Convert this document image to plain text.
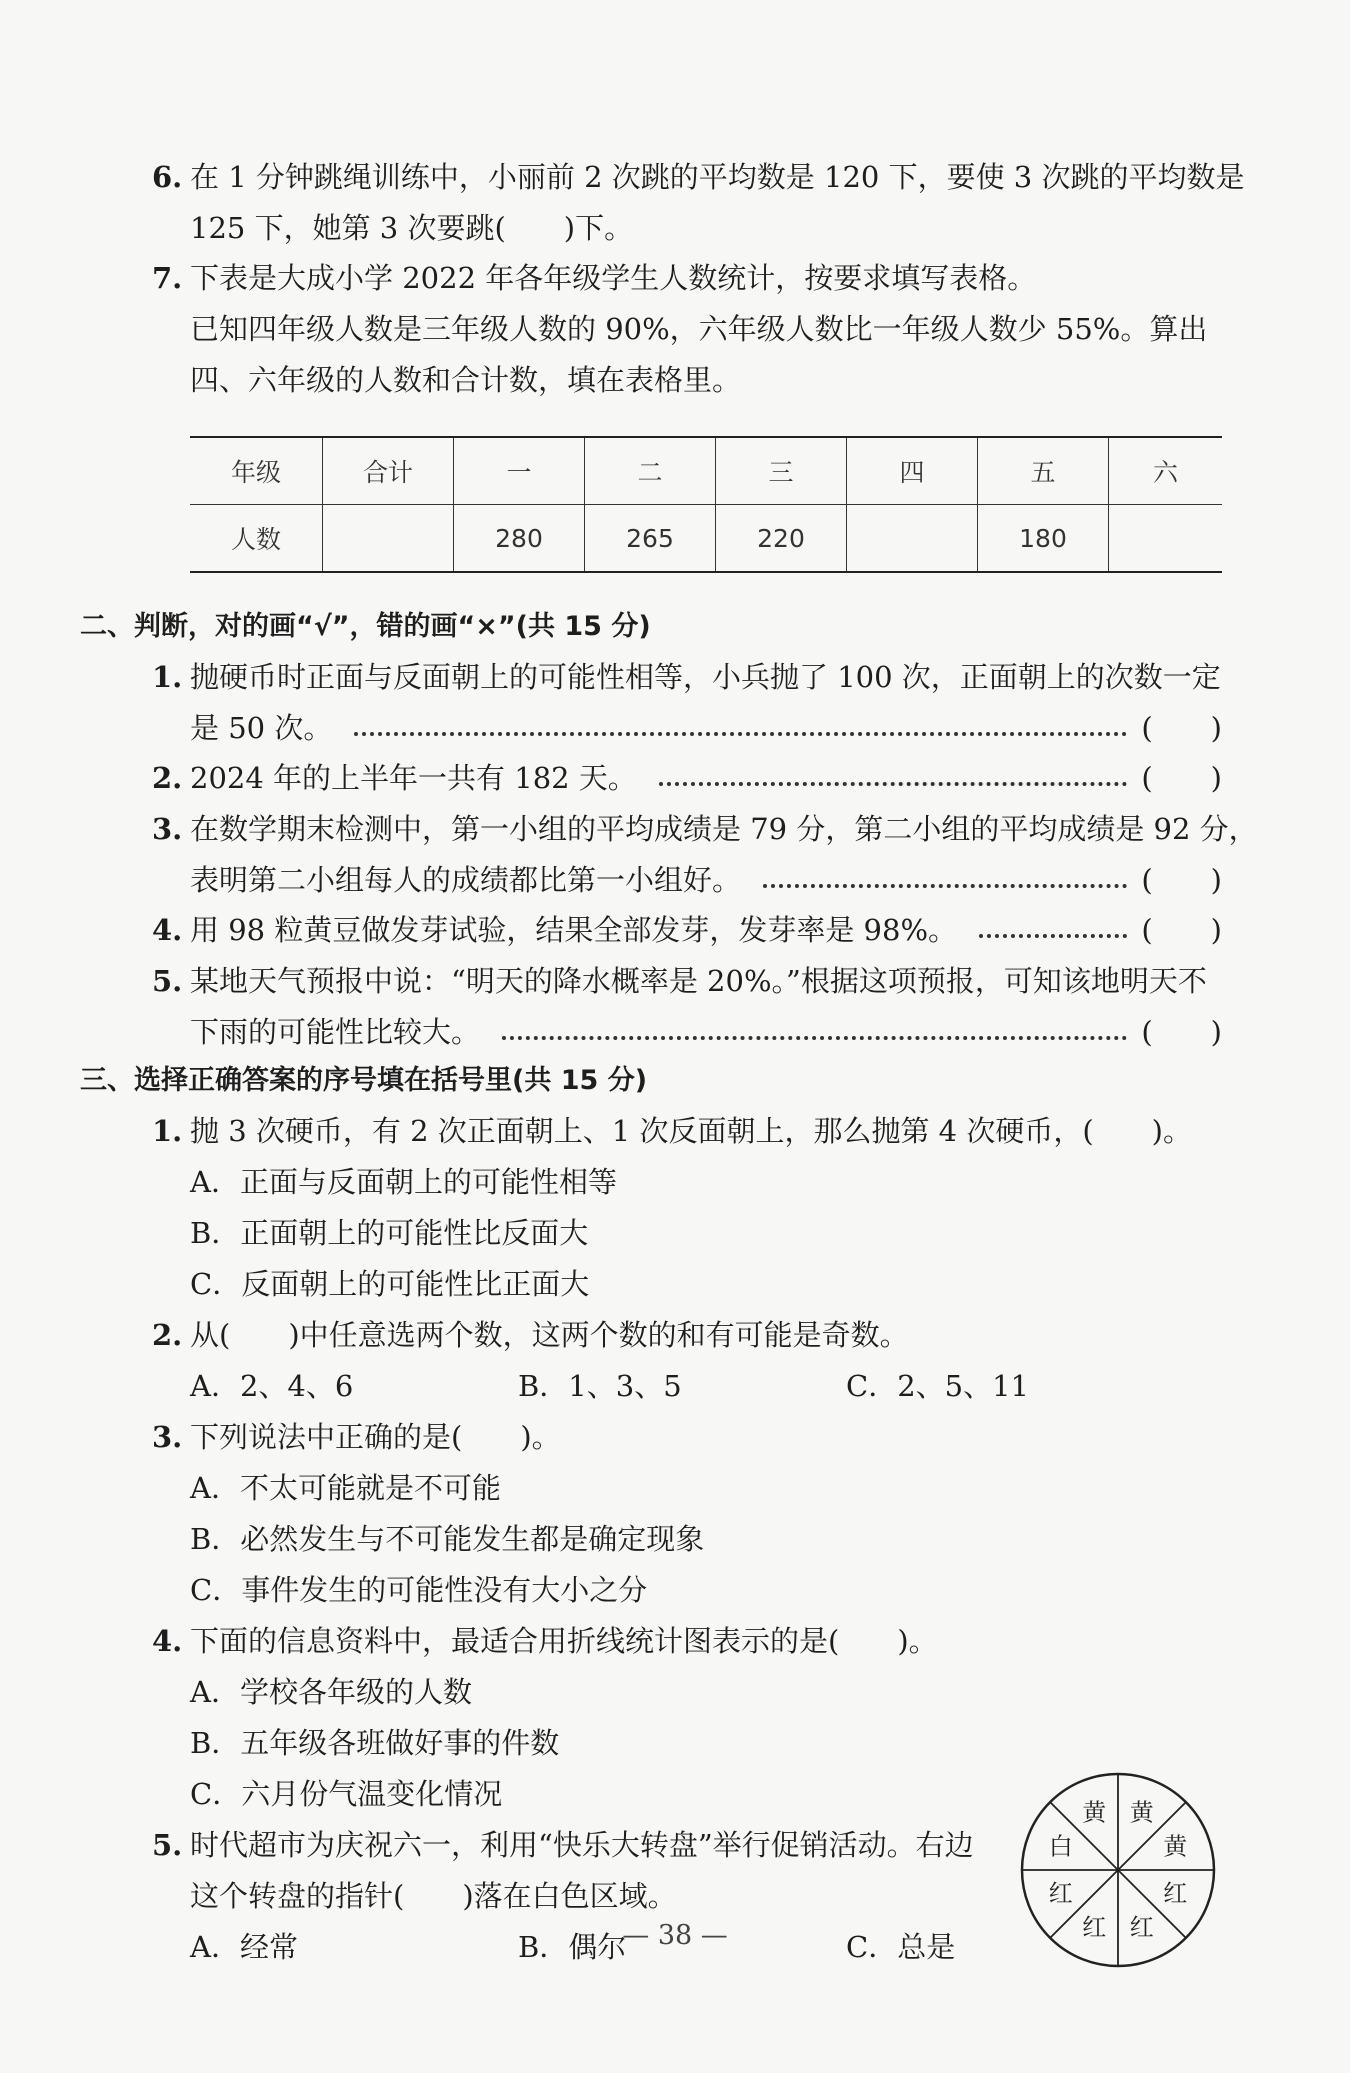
6. 在 1 分钟跳绳训练中，小丽前 2 次跳的平均数是 120 下，要使 3 次跳的平均数是
125 下，她第 3 次要跳(　　)下。
7. 下表是大成小学 2022 年各年级学生人数统计，按要求填写表格。
已知四年级人数是三年级人数的 90%，六年级人数比一年级人数少 55%。算出
四、六年级的人数和合计数，填在表格里。
年级	合计	一	二	三	四	五	六
人数		280	265	220		180	
二、判断，对的画“√”，错的画“×”(共 15 分)
1. 抛硬币时正面与反面朝上的可能性相等，小兵抛了 100 次，正面朝上的次数一定
是 50 次。	(　　)
2. 2024 年的上半年一共有 182 天。	(　　)
3. 在数学期末检测中，第一小组的平均成绩是 79 分，第二小组的平均成绩是 92 分，
表明第二小组每人的成绩都比第一小组好。	(　　)
4. 用 98 粒黄豆做发芽试验，结果全部发芽，发芽率是 98%。	(　　)
5. 某地天气预报中说：“明天的降水概率是 20%。”根据这项预报，可知该地明天不
下雨的可能性比较大。	(　　)
三、选择正确答案的序号填在括号里(共 15 分)
1. 抛 3 次硬币，有 2 次正面朝上、1 次反面朝上，那么抛第 4 次硬币，(　　)。
A．正面与反面朝上的可能性相等
B．正面朝上的可能性比反面大
C．反面朝上的可能性比正面大
2. 从(　　)中任意选两个数，这两个数的和有可能是奇数。
A．2、4、6	B．1、3、5	C．2、5、11
3. 下列说法中正确的是(　　)。
A．不太可能就是不可能
B．必然发生与不可能发生都是确定现象
C．事件发生的可能性没有大小之分
4. 下面的信息资料中，最适合用折线统计图表示的是(　　)。
A．学校各年级的人数
B．五年级各班做好事的件数
C．六月份气温变化情况
5. 时代超市为庆祝六一，利用“快乐大转盘”举行促销活动。右边
这个转盘的指针(　　)落在白色区域。
A．经常	B．偶尔	C．总是
黄 黄
黄
红
红
红
红
白
— 38 —
